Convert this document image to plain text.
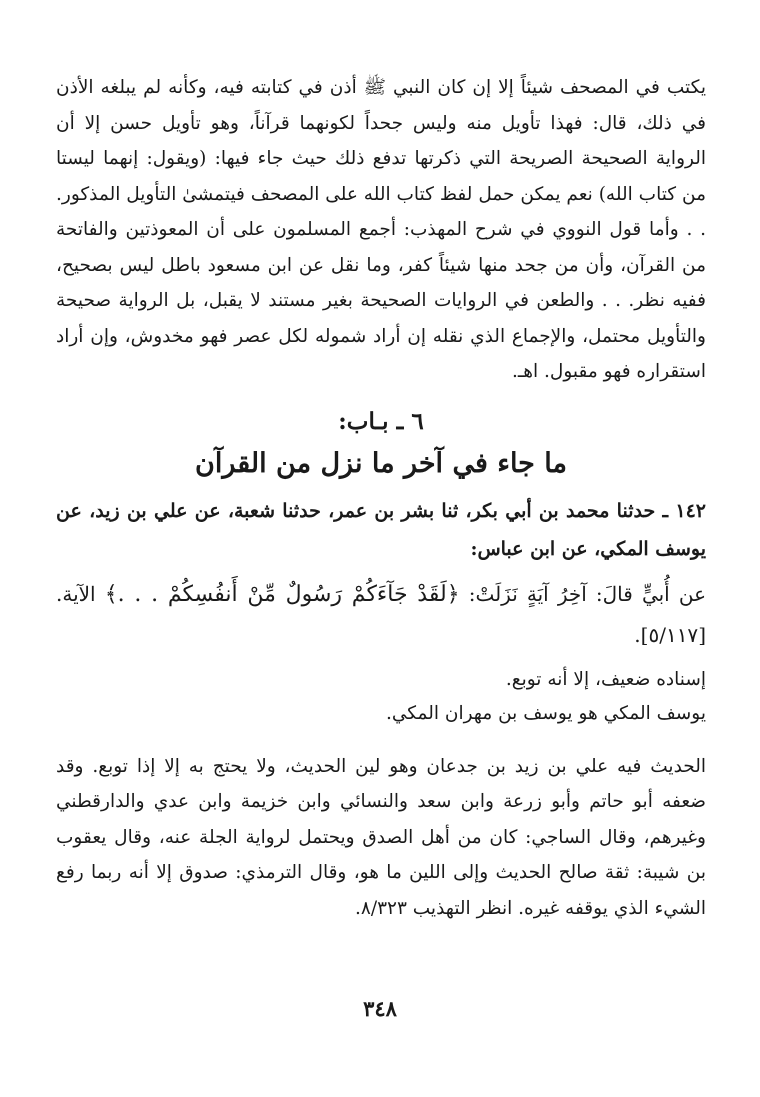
يكتب في المصحف شيئاً إلا إن كان النبي ﷺ أذن في كتابته فيه، وكأنه لم يبلغه الأذن في ذلك، قال: فهذا تأويل منه وليس جحداً لكونهما قرآناً، وهو تأويل حسن إلا أن الرواية الصحيحة الصريحة التي ذكرتها تدفع ذلك حيث جاء فيها: (ويقول: إنهما ليستا من كتاب الله) نعم يمكن حمل لفظ كتاب الله على المصحف فيتمشىٰ التأويل المذكور. . . وأما قول النووي في شرح المهذب: أجمع المسلمون على أن المعوذتين والفاتحة من القرآن، وأن من جحد منها شيئاً كفر، وما نقل عن ابن مسعود باطل ليس بصحيح، ففيه نظر. . . والطعن في الروايات الصحيحة بغير مستند لا يقبل، بل الرواية صحيحة والتأويل محتمل، والإجماع الذي نقله إن أراد شموله لكل عصر فهو مخدوش، وإن أراد استقراره فهو مقبول. اهـ.

٦ ـ بـاب:
ما جاء في آخر ما نزل من القرآن

١٤٢ ـ حدثنا محمد بن أبي بكر، ثنا بشر بن عمر، حدثنا شعبة، عن علي بن زيد، عن يوسف المكي، عن ابن عباس:

عن أُبيٍّ قالَ: آخِرُ آيَةٍ نَزَلَتْ: ﴿لَقَدْ جَآءَكُمْ رَسُولٌ مِّنْ أَنفُسِكُمْ . . .﴾ الآية. [٥/١١٧].

إسناده ضعيف، إلا أنه توبع.
يوسف المكي هو يوسف بن مهران المكي.

الحديث فيه علي بن زيد بن جدعان وهو لين الحديث، ولا يحتج به إلا إذا توبع. وقد ضعفه أبو حاتم وأبو زرعة وابن سعد والنسائي وابن خزيمة وابن عدي والدارقطني وغيرهم، وقال الساجي: كان من أهل الصدق ويحتمل لرواية الجلة عنه، وقال يعقوب بن شيبة: ثقة صالح الحديث وإلى اللين ما هو، وقال الترمذي: صدوق إلا أنه ربما رفع الشيء الذي يوقفه غيره. انظر التهذيب ٨/٣٢٣.

٣٤٨
